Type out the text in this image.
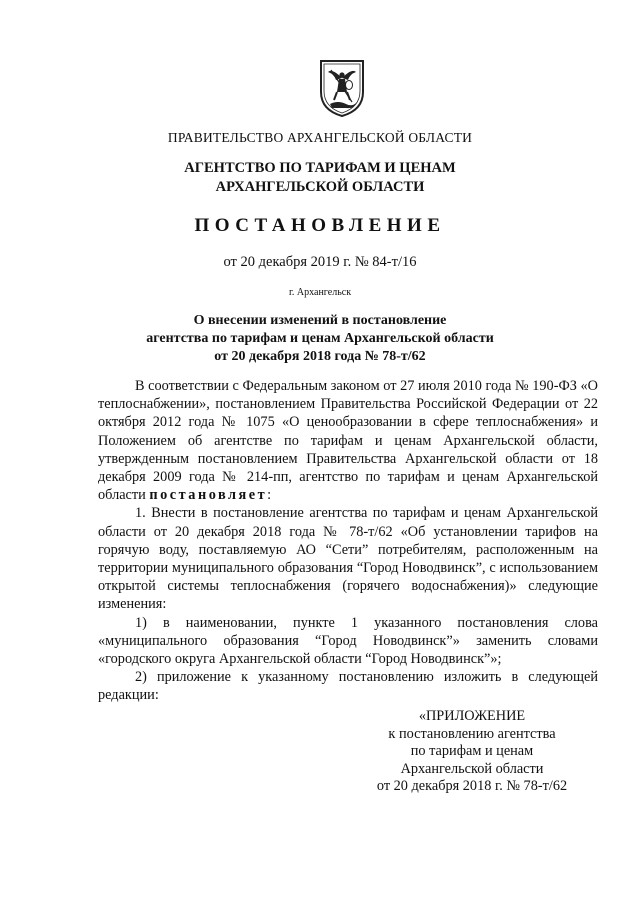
ПРАВИТЕЛЬСТВО АРХАНГЕЛЬСКОЙ ОБЛАСТИ
АГЕНТСТВО ПО ТАРИФАМ И ЦЕНАМ
АРХАНГЕЛЬСКОЙ ОБЛАСТИ
ПОСТАНОВЛЕНИЕ
от 20 декабря 2019 г. № 84-т/16
г. Архангельск
О внесении изменений в постановление
агентства по тарифам и ценам Архангельской области
от 20 декабря 2018 года № 78-т/62

В соответствии с Федеральным законом от 27 июля 2010 года № 190-ФЗ «О теплоснабжении», постановлением Правительства Российской Федерации от 22 октября 2012 года № 1075 «О ценообразовании в сфере теплоснабжения» и Положением об агентстве по тарифам и ценам Архангельской области, утвержденным постановлением Правительства Архангельской области от 18 декабря 2009 года № 214-пп, агентство по тарифам и ценам Архангельской области постановляет:

1. Внести в постановление агентства по тарифам и ценам Архангельской области от 20 декабря 2018 года № 78-т/62 «Об установлении тарифов на горячую воду, поставляемую АО “Сети” потребителям, расположенным на территории муниципального образования “Город Новодвинск”, с использованием открытой системы теплоснабжения (горячего водоснабжения)» следующие изменения:

1) в наименовании, пункте 1 указанного постановления слова «муниципального образования “Город Новодвинск”» заменить словами «городского округа Архангельской области “Город Новодвинск”»;

2) приложение к указанному постановлению изложить в следующей редакции:

«ПРИЛОЖЕНИЕ
к постановлению агентства
по тарифам и ценам
Архангельской области
от 20 декабря 2018 г. № 78-т/62
